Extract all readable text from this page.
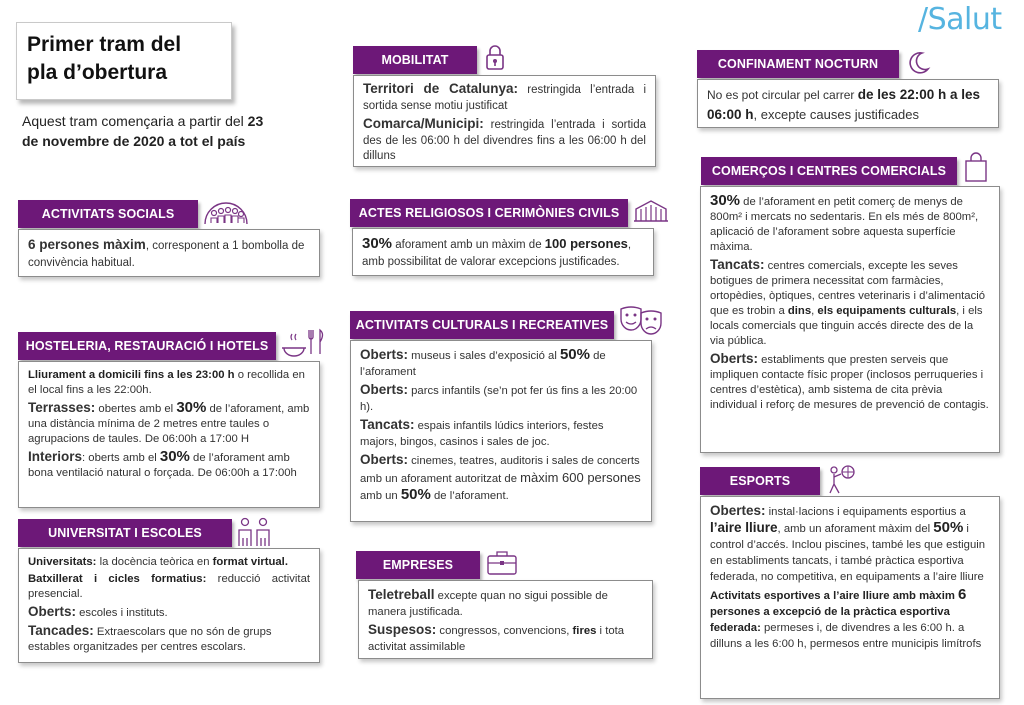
/Salut
Primer tram del
pla d’obertura
Aquest tram començaria a partir del 23
de novembre de 2020 a tot el país
MOBILITAT

Territori de Catalunya: restringida l’entrada i sortida sense motiu justificat

Comarca/Municipi: restringida l’entrada i sortida des de les 06:00 h del divendres fins a les 06:00 h del dilluns

CONFINAMENT NOCTURN
No es pot circular pel carrer de les 22:00 h a les 06:00 h, excepte causes justificades
ACTIVITATS SOCIALS
6 persones màxim, corresponent a 1 bombolla de convivència habitual.
ACTES RELIGIOSOS I CERIMÒNIES CIVILS
30% aforament amb un màxim de 100 persones, amb possibilitat de valorar excepcions justificades.
COMERÇOS I CENTRES COMERCIALS

30% de l’aforament en petit comerç de menys de 800m² i mercats no sedentaris. En els més de 800m², aplicació de l’aforament sobre aquesta superfície màxima.

Tancats: centres comercials, excepte les seves botigues de primera necessitat com farmàcies, ortopèdies, òptiques, centres veterinaris i d’alimentació que es trobin a dins, els equipaments culturals, i els locals comercials que tinguin accés directe des de la via pública.

Oberts: establiments que presten serveis que impliquen contacte físic proper (inclosos perruqueries i centres d’estètica), amb sistema de cita prèvia individual i reforç de mesures de prevenció de contagis.

HOSTELERIA, RESTAURACIÓ I HOTELS

Lliurament a domicili fins a les 23:00 h o recollida en el local fins a les 22:00h.

Terrasses: obertes amb el 30% de l’aforament, amb una distància mínima de 2 metres entre taules o agrupacions de taules. De 06:00h a 17:00 H

Interiors: oberts amb el 30% de l’aforament amb bona ventilació natural o forçada. De 06:00h a 17:00h

ACTIVITATS CULTURALS I RECREATIVES

Oberts: museus i sales d’exposició al 50% de l’aforament

Oberts: parcs infantils (se’n pot fer ús fins a les 20:00 h).

Tancats: espais infantils lúdics interiors, festes majors, bingos, casinos i sales de joc.

Oberts: cinemes, teatres, auditoris i sales de concerts amb un aforament autoritzat de màxim 600 persones amb un 50% de l’aforament.

ESPORTS

Obertes: instal·lacions i equipaments esportius a l’aire lliure, amb un aforament màxim del 50% i control d’accés. Inclou piscines, també les que estiguin en establiments tancats, i també pràctica esportiva federada, no competitiva, en equipaments a l’aire lliure

Activitats esportives a l’aire lliure amb màxim 6 persones a excepció de la pràctica esportiva federada: permeses i, de divendres a les 6:00 h. a dilluns a les 6:00 h, permesos entre municipis limítrofs

UNIVERSITAT I ESCOLES

Universitats: la docència teòrica en format virtual.

Batxillerat i cicles formatius: reducció activitat presencial.

Oberts: escoles i instituts.

Tancades: Extraescolars que no són de grups estables organitzades per centres escolars.

EMPRESES

Teletreball excepte quan no sigui possible de manera justificada.

Suspesos: congressos, convencions, fires i tota activitat assimilable
